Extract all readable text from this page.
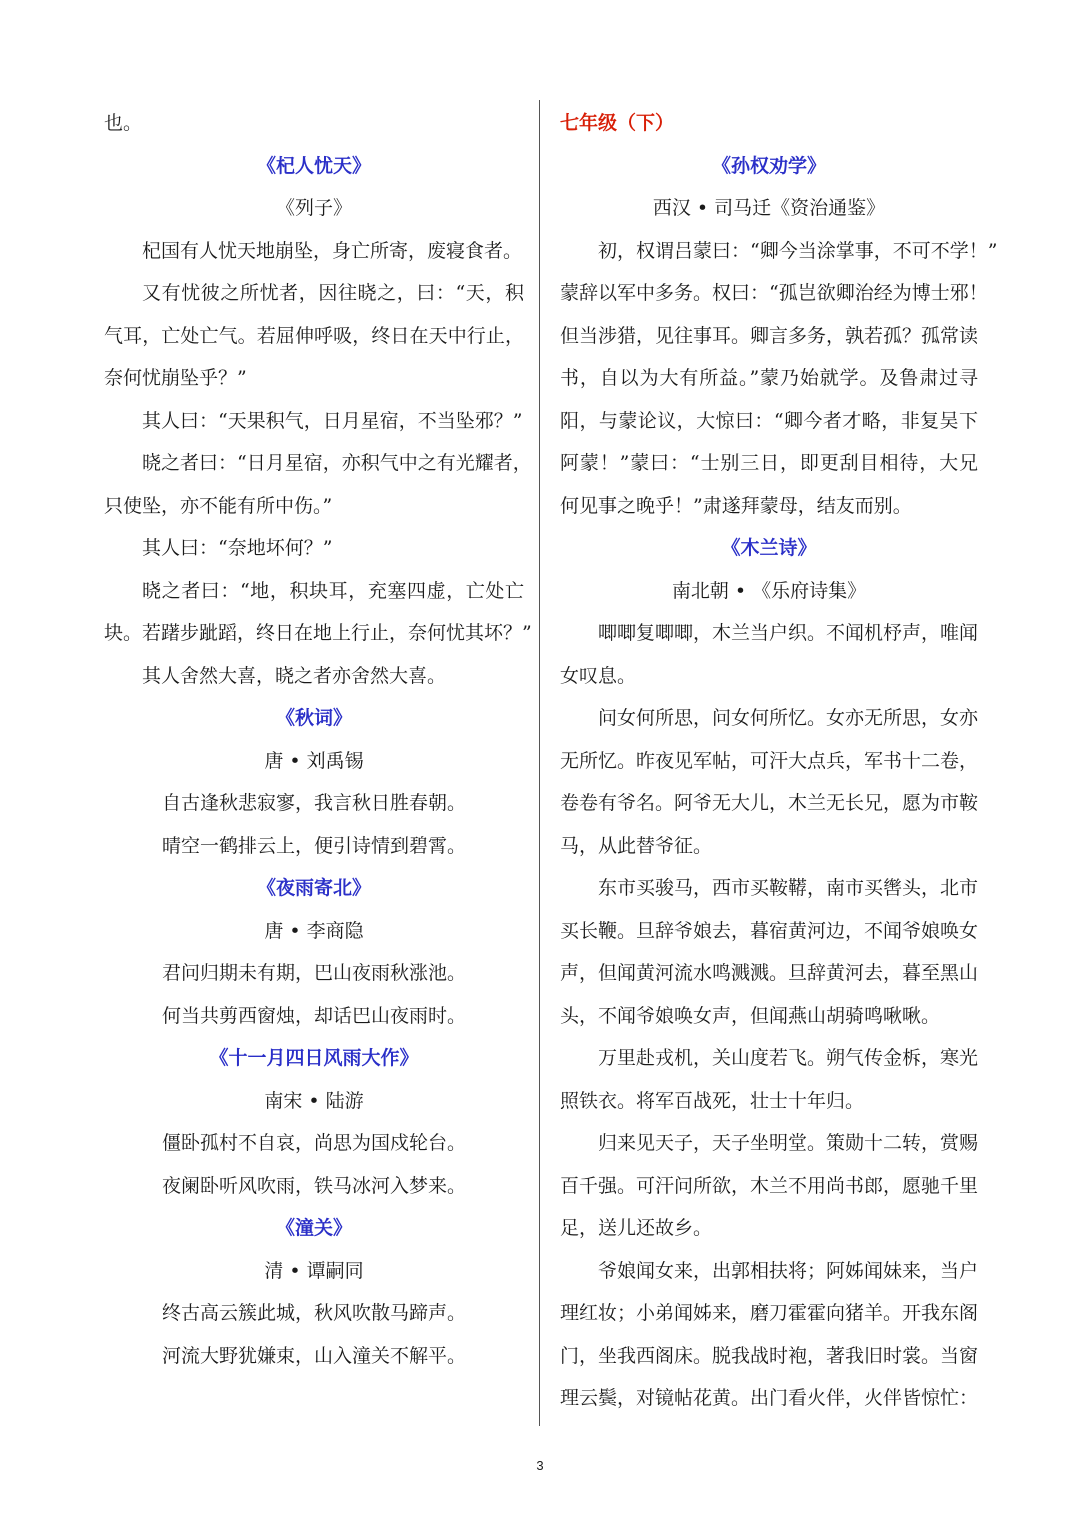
也。
《杞人忧天》
《列子》
杞国有人忧天地崩坠，身亡所寄，废寝食者。
又有忧彼之所忧者，因往晓之，曰：“天，积
气耳，亡处亡气。若屈伸呼吸，终日在天中行止，
奈何忧崩坠乎？”
其人曰：“天果积气，日月星宿，不当坠邪？”
晓之者曰：“日月星宿，亦积气中之有光耀者，
只使坠，亦不能有所中伤。”
其人曰：“奈地坏何？”
晓之者曰：“地，积块耳，充塞四虚，亡处亡
块。若躇步跐蹈，终日在地上行止，奈何忧其坏？”
其人舍然大喜，晓之者亦舍然大喜。
《秋词》
唐 • 刘禹锡
自古逢秋悲寂寥，我言秋日胜春朝。
晴空一鹤排云上，便引诗情到碧霄。
《夜雨寄北》
唐 • 李商隐
君问归期未有期，巴山夜雨秋涨池。
何当共剪西窗烛，却话巴山夜雨时。
《十一月四日风雨大作》
南宋 • 陆游
僵卧孤村不自哀，尚思为国戍轮台。
夜阑卧听风吹雨，铁马冰河入梦来。
《潼关》
清 • 谭嗣同
终古高云簇此城，秋风吹散马蹄声。
河流大野犹嫌束，山入潼关不解平。
七年级（下）
《孙权劝学》
西汉 • 司马迁《资治通鉴》
初，权谓吕蒙曰：“卿今当涂掌事，不可不学！”
蒙辞以军中多务。权曰：“孤岂欲卿治经为博士邪！
但当涉猎，见往事耳。卿言多务，孰若孤？孤常读
书，自以为大有所益。”蒙乃始就学。及鲁肃过寻
阳，与蒙论议，大惊曰：“卿今者才略，非复吴下
阿蒙！”蒙曰：“士别三日，即更刮目相待，大兄
何见事之晚乎！”肃遂拜蒙母，结友而别。
《木兰诗》
南北朝 • 《乐府诗集》
唧唧复唧唧，木兰当户织。不闻机杼声，唯闻
女叹息。
问女何所思，问女何所忆。女亦无所思，女亦
无所忆。昨夜见军帖，可汗大点兵，军书十二卷，
卷卷有爷名。阿爷无大儿，木兰无长兄，愿为市鞍
马，从此替爷征。
东市买骏马，西市买鞍鞯，南市买辔头，北市
买长鞭。旦辞爷娘去，暮宿黄河边，不闻爷娘唤女
声，但闻黄河流水鸣溅溅。旦辞黄河去，暮至黑山
头，不闻爷娘唤女声，但闻燕山胡骑鸣啾啾。
万里赴戎机，关山度若飞。朔气传金柝，寒光
照铁衣。将军百战死，壮士十年归。
归来见天子，天子坐明堂。策勋十二转，赏赐
百千强。可汗问所欲，木兰不用尚书郎，愿驰千里
足，送儿还故乡。
爷娘闻女来，出郭相扶将；阿姊闻妹来，当户
理红妆；小弟闻姊来，磨刀霍霍向猪羊。开我东阁
门，坐我西阁床。脱我战时袍，著我旧时裳。当窗
理云鬓，对镜帖花黄。出门看火伴，火伴皆惊忙：
3
